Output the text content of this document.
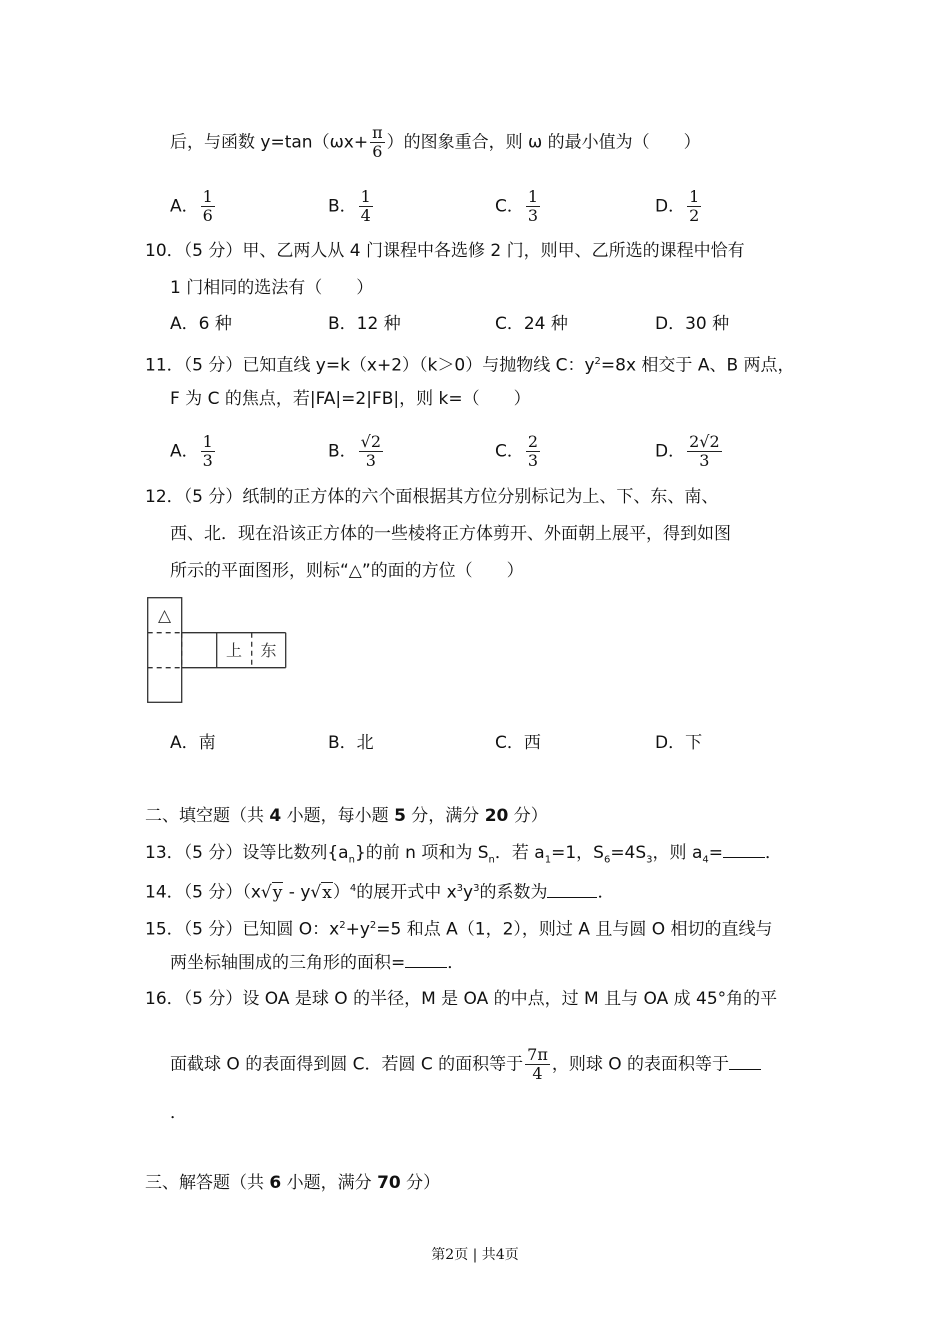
后，与函数 $y=\tan(\omega x+ \frac{\pi}{6}$ ）的图象重合，则 ω 的最小值为（　　）
A． $\frac{1}{6}$	B． $\frac{1}{4}$	C． $\frac{1}{3}$	D． $\frac{1}{2}$
10．（5 分）甲、乙两人从 4 门课程中各选修 2 门，则甲、乙所选的课程中恰有
1 门相同的选法有（　　）
A．6 种	B．12 种	C．24 种	D．30 种
11．（5 分）已知直线 y=k（x+2）（k＞0）与抛物线 C：$y^2=8x$ 相交于 A、B 两点，
F 为 C 的焦点，若|FA|=2|FB|，则 k=（　　）
A． $\frac{1}{3}$	B． $\frac{√2}{3}$	C． $\frac{2}{3}$	D． $\frac{2√2}{3}$
12．（5 分）纸制的正方体的六个面根据其方位分别标记为上、下、东、南、
西、北．现在沿该正方体的一些棱将正方体剪开、外面朝上展平，得到如图
所示的平面图形，则标“△”的面的方位（　　）
△
上 东
A．南	B．北	C．西	D．下
二、填空题（共 4 小题，每小题 5 分，满分 20 分）
13．（5 分）设等比数列$\{a_n\}$的前 n 项和为 $S_n$．若 $a_1=1$，$S_6=4S_3$，则 $a_4=$ ．
14．（5 分）（x√y - y√x）$^4$的展开式中 $x^3y^3$的系数为	．
15．（5 分）已知圆 O：$x^2+y^2=5$ 和点 A（1，2），则过 A 且与圆 O 相切的直线与
两坐标轴围成的三角形的面积= ．
16．（5 分）设 OA 是球 O 的半径，M 是 OA 的中点，过 M 且与 OA 成 45°角的平
面截球 O 的表面得到圆 C．若圆 C 的面积等于 $\frac{7\pi}{4}$ ，则球 O 的表面积等于
．
三、解答题（共 6 小题，满分 70 分）
第2页 | 共4页
